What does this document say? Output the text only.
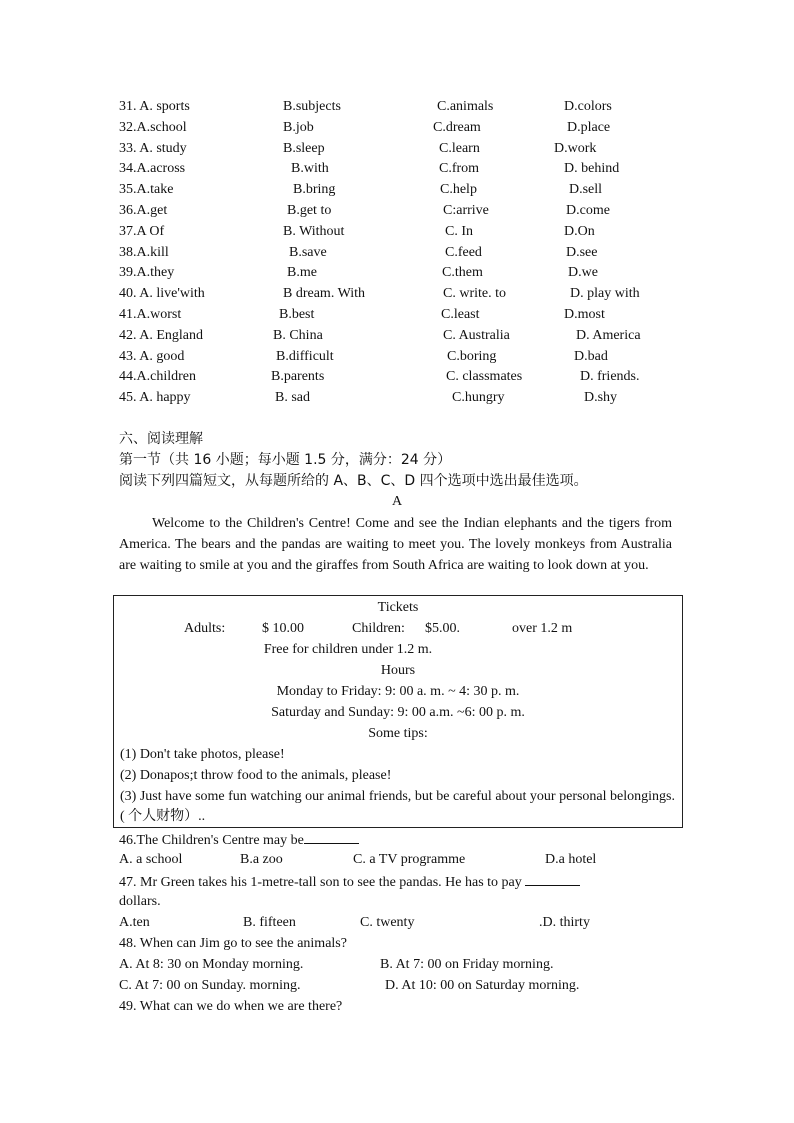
31. A. sports	B.subjects	C.animals	D.colors
32.A.school	B.job	C.dream	D.place
33. A. study	B.sleep	C.learn	D.work
34.A.across	B.with	C.from	D. behind
35.A.take	B.bring	C.help	D.sell
36.A.get	B.get to	C:arrive	D.come
37.A Of	B. Without	C. In	D.On
38.A.kill	B.save	C.feed	D.see
39.A.they	B.me	C.them	D.we
40. A. live'with	B dream. With	C. write. to	D. play with
41.A.worst	B.best	C.least	D.most
42. A. England	B. China	C. Australia	D. America
43. A. good	B.difficult	C.boring	D.bad
44.A.children	B.parents	C. classmates	D. friends.
45. A. happy	B. sad	C.hungry	D.shy
六、阅读理解
第一节（共 16 小题；每小题 1.5 分，满分：24 分）
阅读下列四篇短文，从每题所给的 A、B、C、D 四个选项中选出最佳选项。
A
Welcome to the Children's Centre! Come and see the Indian elephants and the tigers from America. The bears and the pandas are waiting to meet you. The lovely monkeys from Australia are waiting to smile at you and the giraffes from South Africa are waiting to look down at you.
Tickets
Adults:	$ 10.00	Children: $5.00.	over 1.2 m
Free for children under 1.2 m.
Hours
Monday to Friday: 9: 00 a. m. ~ 4: 30 p. m.
Saturday and Sunday: 9: 00 a.m. ~6: 00 p. m.
Some tips:
(1) Don't take photos, please!
(2) Donapos;t throw food to the animals, please!
(3) Just have some fun watching our animal friends, but be careful about your personal belongings.( 个人财物）..
46.The Children's Centre may be
A. a school	B.a zoo	C. a TV programme	D.a hotel
47. Mr Green takes his 1-metre-tall son to see the pandas. He has to pay
dollars.
A.ten	B. fifteen	C. twenty	.D. thirty
48. When can Jim go to see the animals?
A. At 8: 30 on Monday morning.	B. At 7: 00 on Friday morning.
C. At 7: 00 on Sunday. morning.	D. At 10: 00 on Saturday morning.
49. What can we do when we are there?
